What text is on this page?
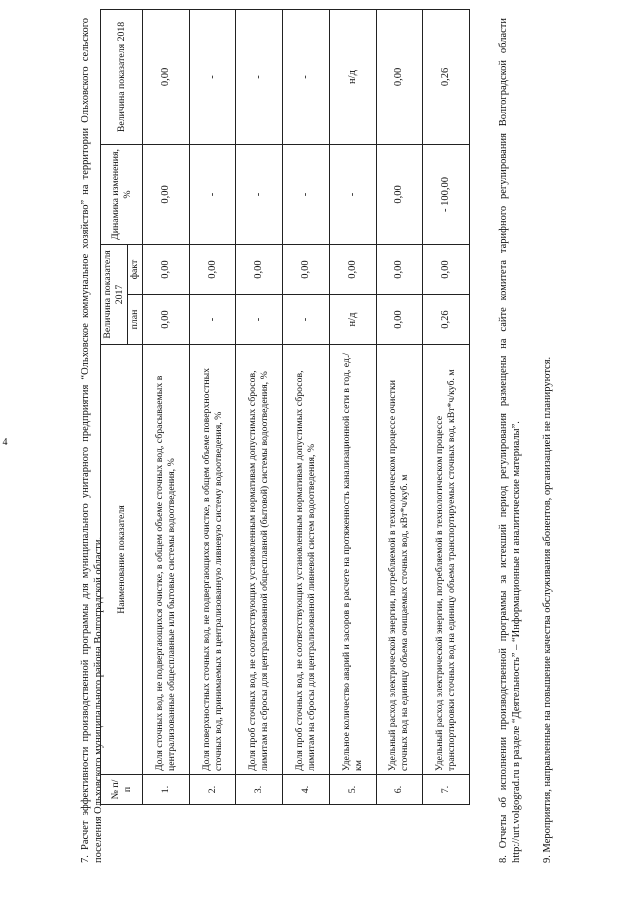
4	7. Расчет эффективности производственной программы для муниципального унитарного предприятия “Ольховское коммунальное хозяйство” на территории Ольховского сельского поселения Ольховского муниципального района Волгоградской области. № п/п	Наименование показателя	Величина показателя 2017		Динамика изменения, %	Величина показателя 2018
		план	факт		
1.	Доля сточных вод, не подвергающихся очистке, в общем объеме сточных вод, сбрасываемых в централизованные общесплавные или бытовые системы водоотведения, %	0,00	0,00	0,00	0,00
2.	Доля поверхностных сточных вод, не подвергающихся очистке, в общем объеме поверхностных сточных вод, принимаемых в централизованную ливневую систему водоотведения, %	-	0,00	-	-
3.	Доля проб сточных вод, не соответствующих установленным нормативам допустимых сбросов, лимитам на сбросы для централизованной общесплавной (бытовой) системы водоотведения, %	-	0,00	-	-
4.	Доля проб сточных вод, не соответствующих установленным нормативам допустимых сбросов, лимитам на сбросы для централизованной ливневой систем водоотведения, %	-	0,00	-	-
5.	Удельное количество аварий и засоров в расчете на протяженность канализационной сети в год, ед./км	н/д	0,00	-	н/д
6.	Удельный расход электрической энергии, потребляемой в технологическом процессе очистки сточных вод на единицу объема очищаемых сточных вод, кВт*ч/куб. м	0,00	0,00	0,00	0,00
7.	Удельный расход электрической энергии, потребляемой в технологическом процессе транспортировки сточных вод на единицу объема транспортируемых сточных вод, кВт*ч/куб. м	0,26	0,00	- 100,00	0,26	8. Отчеты об исполнении производственной программы за истекший период регулирования размещены на сайте комитета тарифного регулирования Волгоградской области http://urt.volgograd.ru в разделе “Деятельность” – “Информационные и аналитические материалы”. 9. Мероприятия, направленные на повышение качества обслуживания абонентов, организацией не планируются.
